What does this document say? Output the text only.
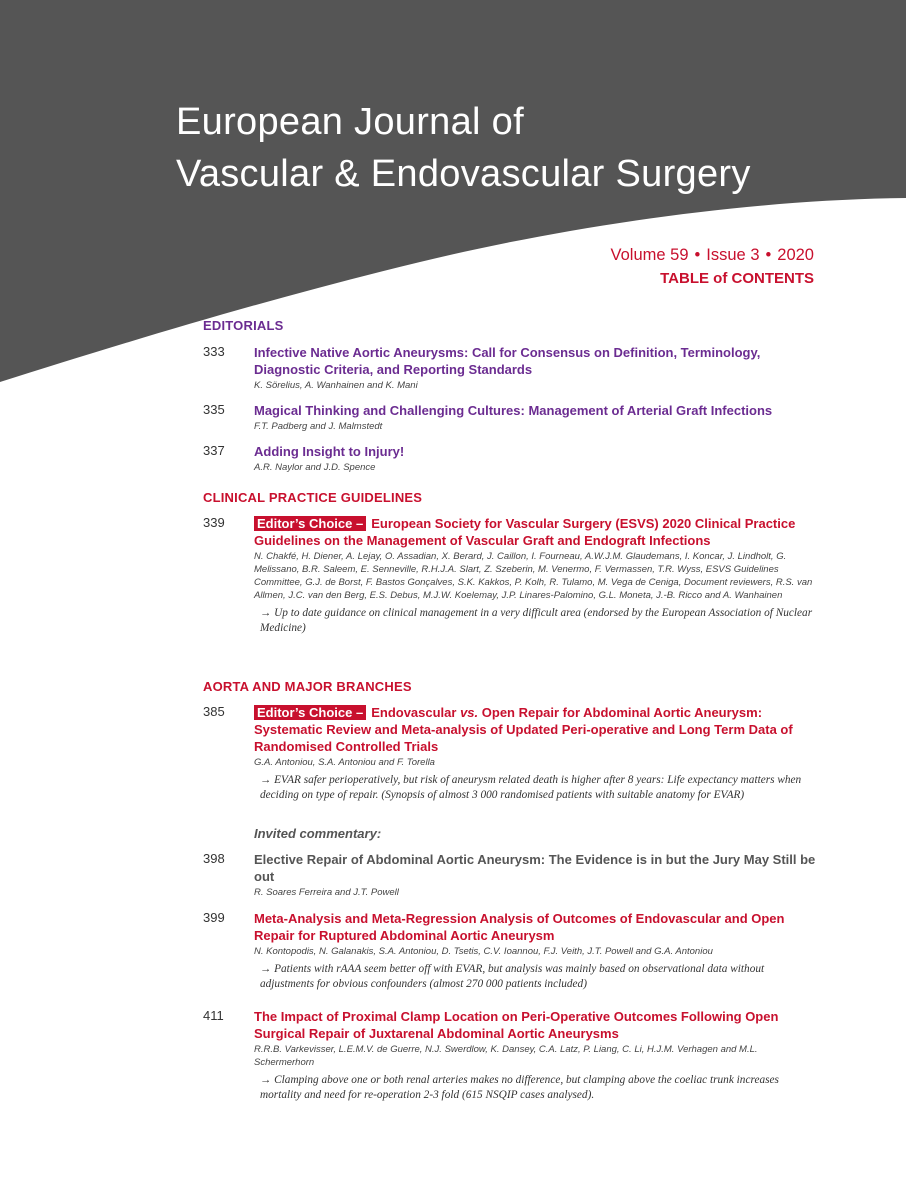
European Journal of
Vascular & Endovascular Surgery
Volume 59 • Issue 3 • 2020
TABLE of CONTENTS
EDITORIALS
333	Infective Native Aortic Aneurysms: Call for Consensus on Definition, Terminology, Diagnostic Criteria, and Reporting Standards
K. Sörelius, A. Wanhainen and K. Mani
335	Magical Thinking and Challenging Cultures: Management of Arterial Graft Infections
F.T. Padberg and J. Malmstedt
337	Adding Insight to Injury!
A.R. Naylor and J.D. Spence
CLINICAL PRACTICE GUIDELINES
339	Editor’s Choice – European Society for Vascular Surgery (ESVS) 2020 Clinical Practice Guidelines on the Management of Vascular Graft and Endograft Infections
N. Chakfé, H. Diener, A. Lejay, O. Assadian, X. Berard, J. Caillon, I. Fourneau, A.W.J.M. Glaudemans, I. Koncar, J. Lindholt, G. Melissano, B.R. Saleem, E. Senneville, R.H.J.A. Slart, Z. Szeberin, M. Venermo, F. Vermassen, T.R. Wyss, ESVS Guidelines Committee, G.J. de Borst, F. Bastos Gonçalves, S.K. Kakkos, P. Kolh, R. Tulamo, M. Vega de Ceniga, Document reviewers, R.S. van Allmen, J.C. van den Berg, E.S. Debus, M.J.W. Koelemay, J.P. Linares-Palomino, G.L. Moneta, J.-B. Ricco and A. Wanhainen
→ Up to date guidance on clinical management in a very difficult area (endorsed by the European Association of Nuclear Medicine)
AORTA AND MAJOR BRANCHES
385	Editor’s Choice – Endovascular vs. Open Repair for Abdominal Aortic Aneurysm: Systematic Review and Meta-analysis of Updated Peri-operative and Long Term Data of Randomised Controlled Trials
G.A. Antoniou, S.A. Antoniou and F. Torella
→ EVAR safer perioperatively, but risk of aneurysm related death is higher after 8 years: Life expectancy matters when deciding on type of repair. (Synopsis of almost 3 000 randomised patients with suitable anatomy for EVAR)
Invited commentary:
398	Elective Repair of Abdominal Aortic Aneurysm: The Evidence is in but the Jury May Still be out
R. Soares Ferreira and J.T. Powell
399	Meta-Analysis and Meta-Regression Analysis of Outcomes of Endovascular and Open Repair for Ruptured Abdominal Aortic Aneurysm
N. Kontopodis, N. Galanakis, S.A. Antoniou, D. Tsetis, C.V. Ioannou, F.J. Veith, J.T. Powell and G.A. Antoniou
→ Patients with rAAA seem better off with EVAR, but analysis was mainly based on observational data without adjustments for obvious confounders (almost 270 000 patients included)
411	The Impact of Proximal Clamp Location on Peri-Operative Outcomes Following Open Surgical Repair of Juxtarenal Abdominal Aortic Aneurysms
R.R.B. Varkevisser, L.E.M.V. de Guerre, N.J. Swerdlow, K. Dansey, C.A. Latz, P. Liang, C. Li, H.J.M. Verhagen and M.L. Schermerhorn
→ Clamping above one or both renal arteries makes no difference, but clamping above the coeliac trunk increases mortality and need for re-operation 2-3 fold (615 NSQIP cases analysed).
